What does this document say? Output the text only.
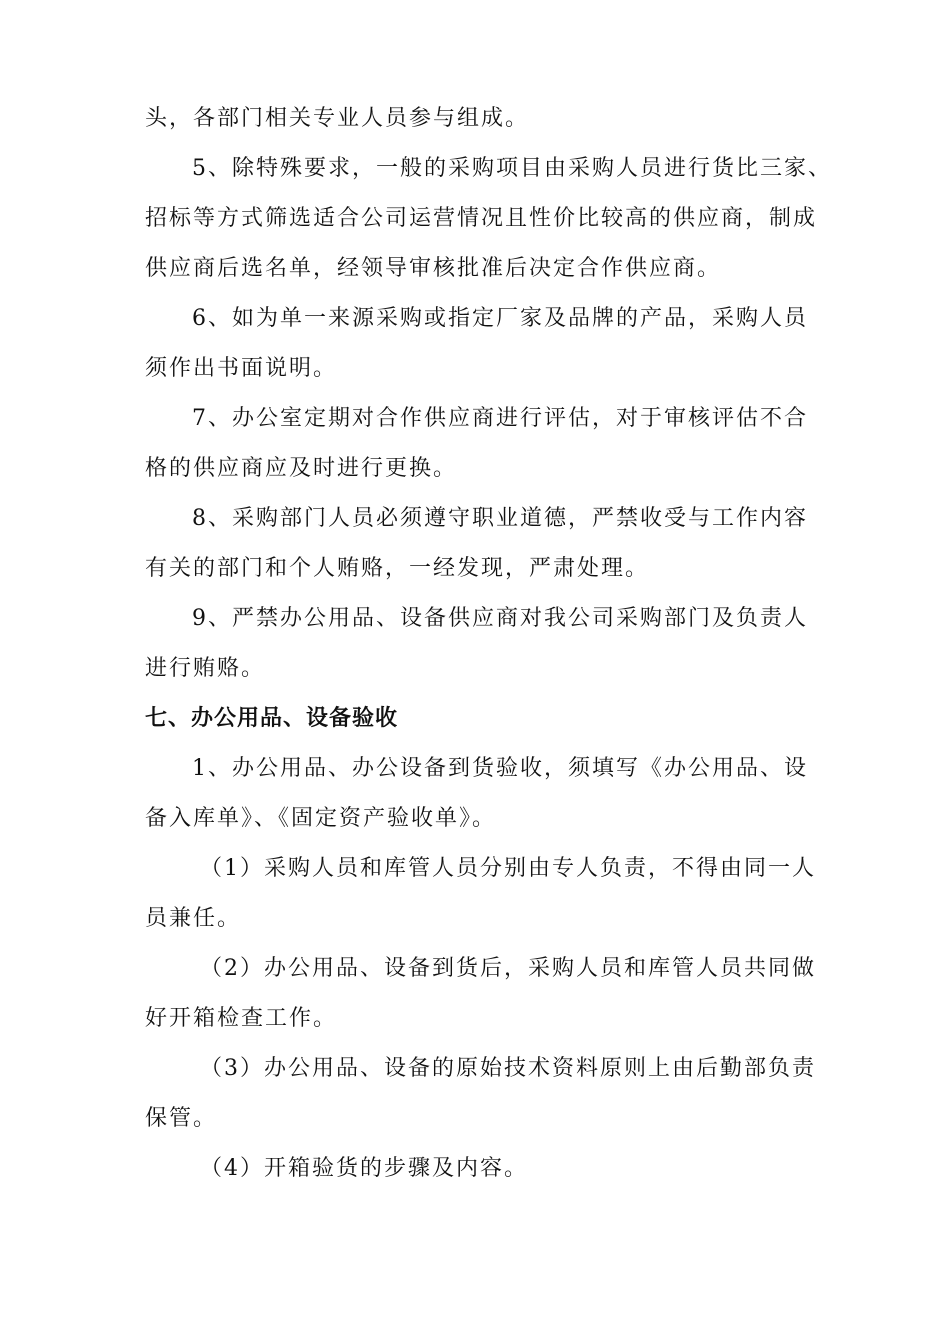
头，各部门相关专业人员参与组成。
5、除特殊要求，一般的采购项目由采购人员进行货比三家、
招标等方式筛选适合公司运营情况且性价比较高的供应商，制成
供应商后选名单，经领导审核批准后决定合作供应商。
6、如为单一来源采购或指定厂家及品牌的产品，采购人员
须作出书面说明。
7、办公室定期对合作供应商进行评估，对于审核评估不合
格的供应商应及时进行更换。
8、采购部门人员必须遵守职业道德，严禁收受与工作内容
有关的部门和个人贿赂，一经发现，严肃处理。
9、严禁办公用品、设备供应商对我公司采购部门及负责人
进行贿赂。
七、办公用品、设备验收
1、办公用品、办公设备到货验收，须填写《办公用品、设
备入库单》、《固定资产验收单》。
（1）采购人员和库管人员分别由专人负责，不得由同一人
员兼任。
（2）办公用品、设备到货后，采购人员和库管人员共同做
好开箱检查工作。
（3）办公用品、设备的原始技术资料原则上由后勤部负责
保管。
（4）开箱验货的步骤及内容。
